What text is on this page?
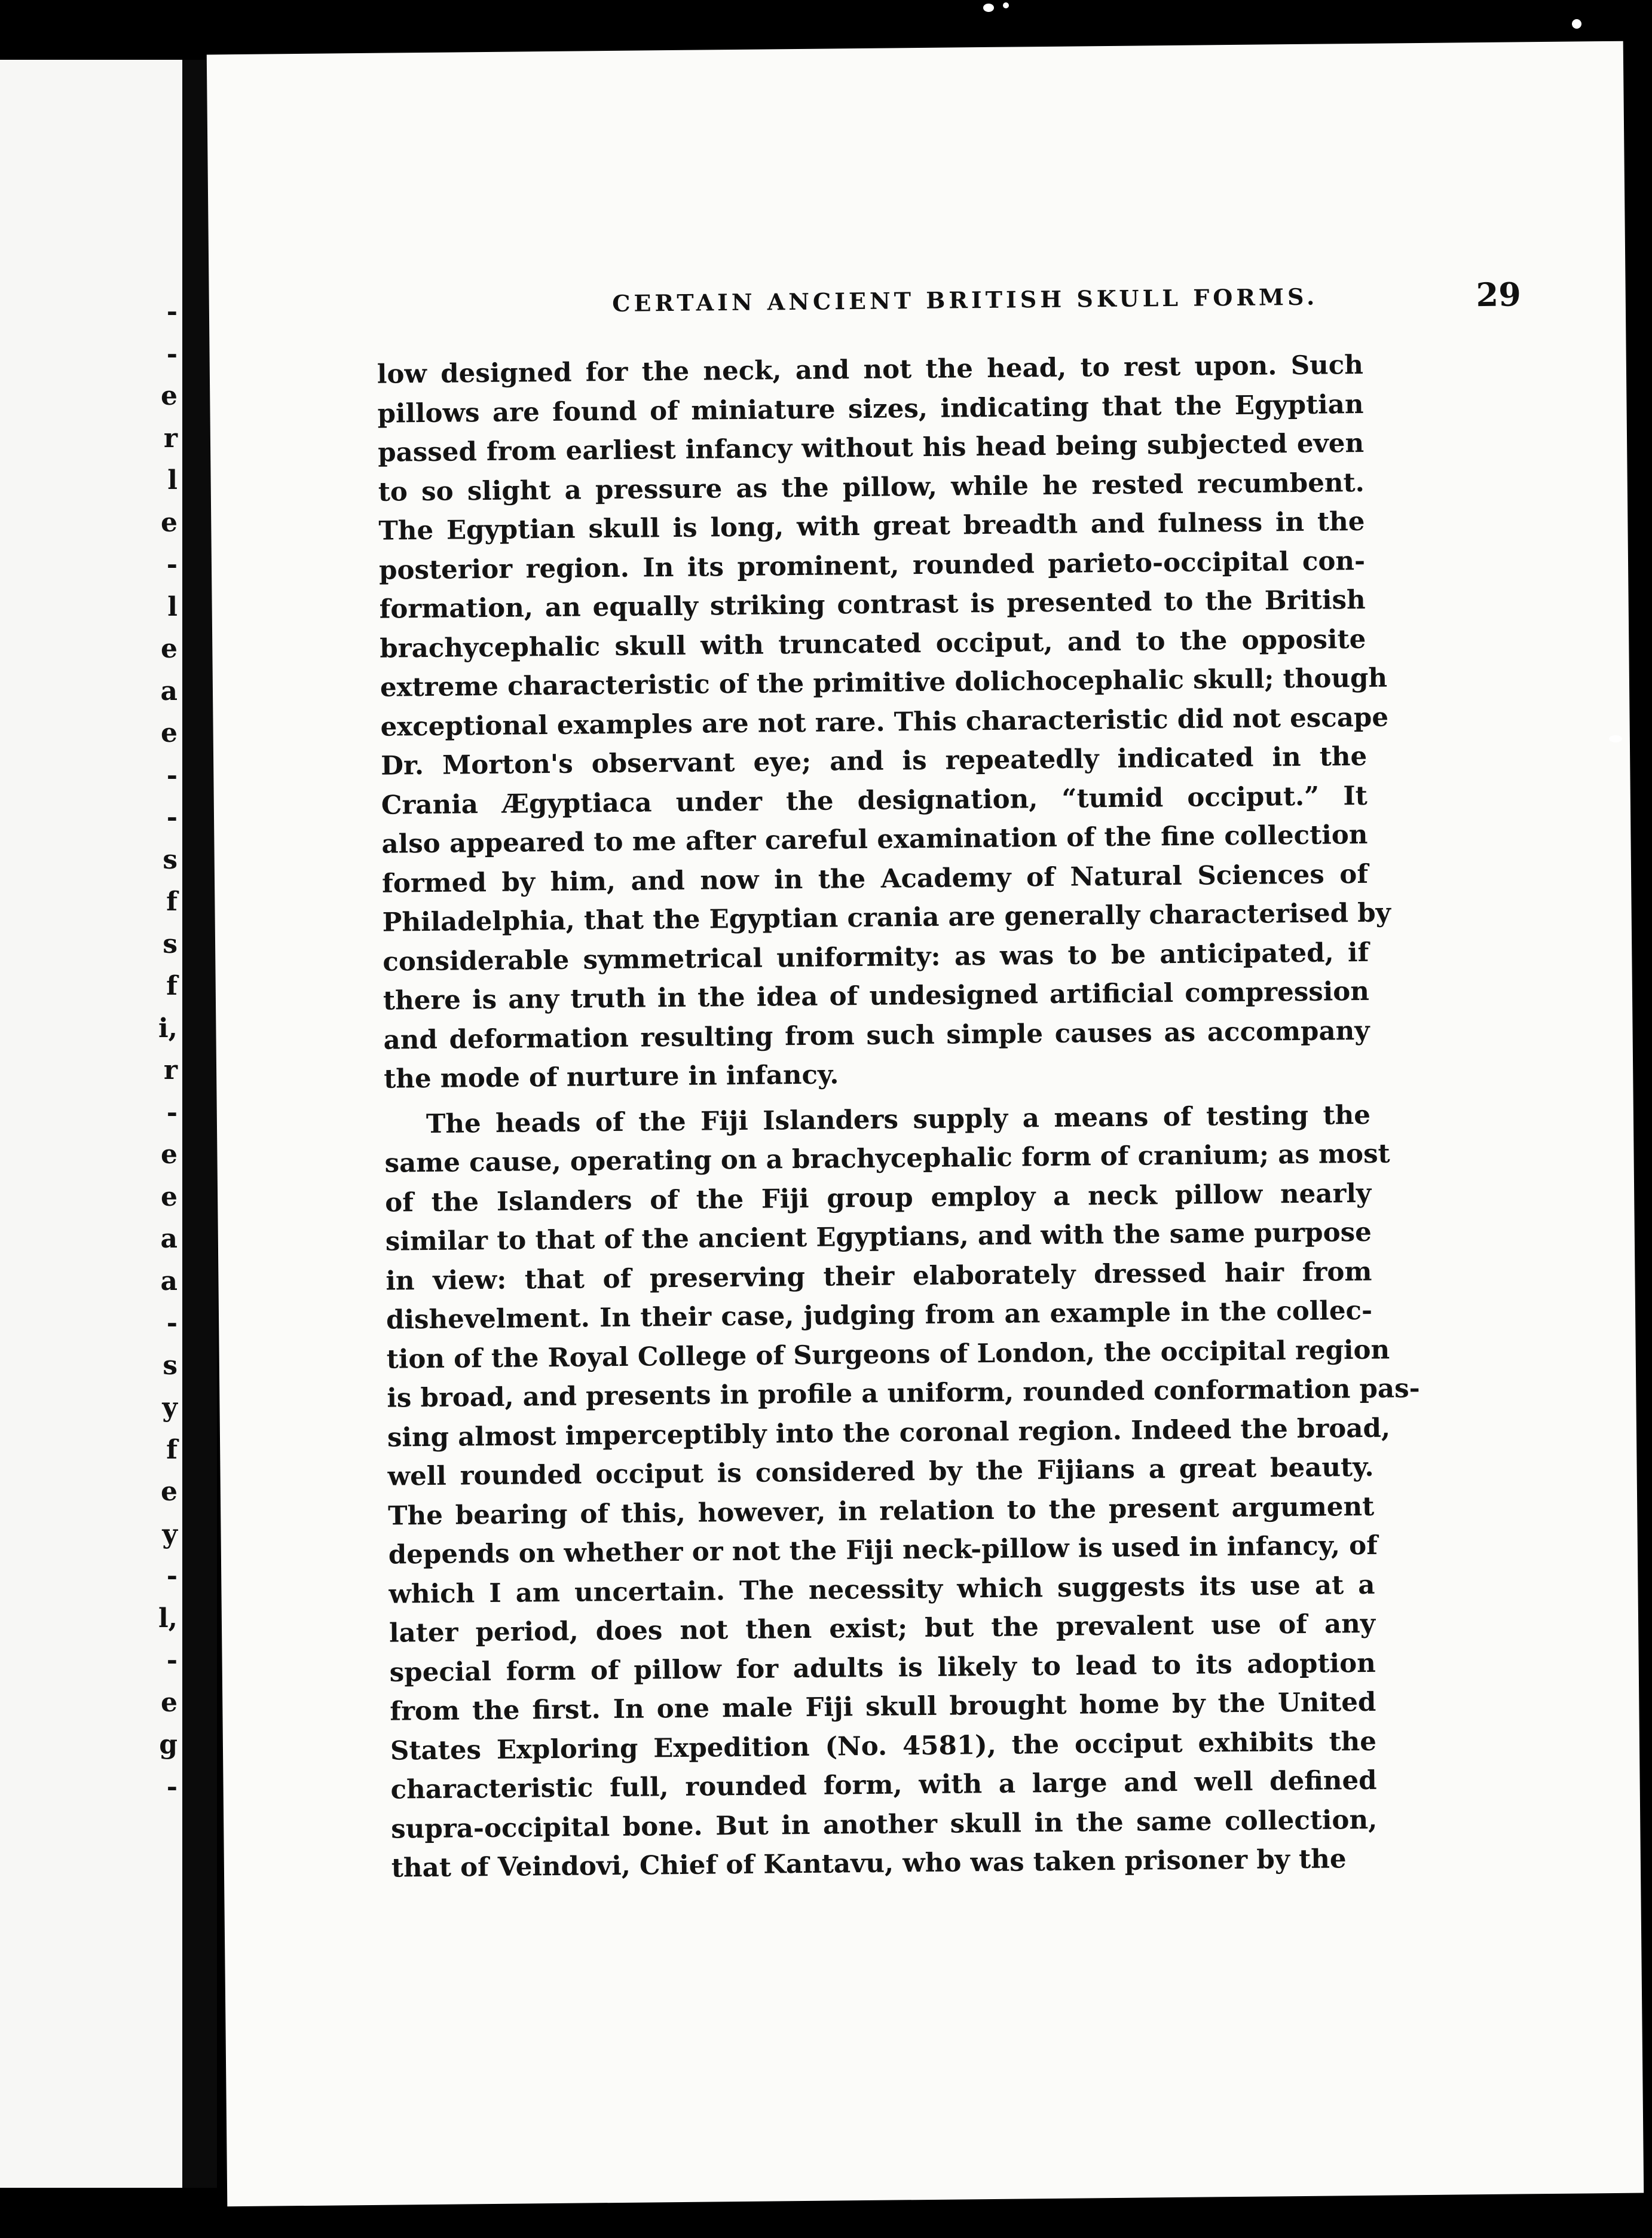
-
-
e
r
l
e
-
l
e
a
e
-
-
s
f
s
f
i,
r
-
e
e
a
a
-
s
y
f
e
y
-
l,
-
e
g
-
CERTAIN ANCIENT BRITISH SKULL FORMS.	29

low designed for the neck, and not the head, to rest upon. Such
pillows are found of miniature sizes, indicating that the Egyptian
passed from earliest infancy without his head being subjected even
to so slight a pressure as the pillow, while he rested recumbent.
The Egyptian skull is long, with great breadth and fulness in the
posterior region. In its prominent, rounded parieto-occipital con-
formation, an equally striking contrast is presented to the British
brachycephalic skull with truncated occiput, and to the opposite
extreme characteristic of the primitive dolichocephalic skull; though
exceptional examples are not rare. This characteristic did not escape
Dr. Morton's observant eye; and is repeatedly indicated in the
Crania Ægyptiaca under the designation, “tumid occiput.” It
also appeared to me after careful examination of the fine collection
formed by him, and now in the Academy of Natural Sciences of
Philadelphia, that the Egyptian crania are generally characterised by
considerable symmetrical uniformity: as was to be anticipated, if
there is any truth in the idea of undesigned artificial compression
and deformation resulting from such simple causes as accompany
the mode of nurture in infancy.

The heads of the Fiji Islanders supply a means of testing the
same cause, operating on a brachycephalic form of cranium; as most
of the Islanders of the Fiji group employ a neck pillow nearly
similar to that of the ancient Egyptians, and with the same purpose
in view: that of preserving their elaborately dressed hair from
dishevelment. In their case, judging from an example in the collec-
tion of the Royal College of Surgeons of London, the occipital region
is broad, and presents in profile a uniform, rounded conformation pas-
sing almost imperceptibly into the coronal region. Indeed the broad,
well rounded occiput is considered by the Fijians a great beauty.
The bearing of this, however, in relation to the present argument
depends on whether or not the Fiji neck-pillow is used in infancy, of
which I am uncertain. The necessity which suggests its use at a
later period, does not then exist; but the prevalent use of any
special form of pillow for adults is likely to lead to its adoption
from the first. In one male Fiji skull brought home by the United
States Exploring Expedition (No. 4581), the occiput exhibits the
characteristic full, rounded form, with a large and well defined
supra-occipital bone. But in another skull in the same collection,
that of Veindovi, Chief of Kantavu, who was taken prisoner by the
